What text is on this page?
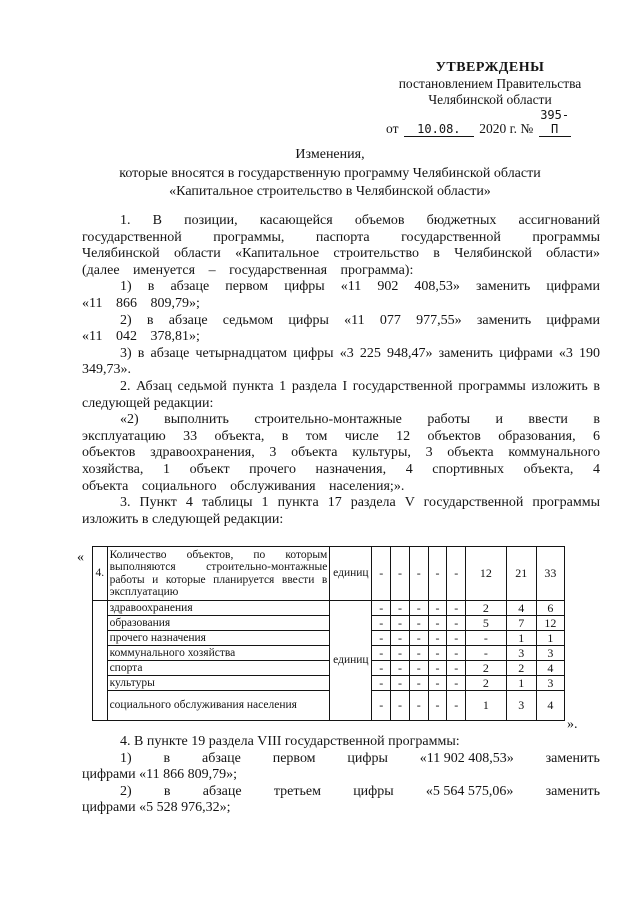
УТВЕРЖДЕНЫ
постановлением Правительства
Челябинской области
от 10.08. 2020 г. № 395-П
Изменения,
которые вносятся в государственную программу Челябинской области
«Капитальное строительство в Челябинской области»

1. В позиции, касающейся объемов бюджетных ассигнований государственной программы, паспорта государственной программы Челябинской области «Капитальное строительство в Челябинской области» (далее именуется – государственная программа):

1) в абзаце первом цифры «11 902 408,53» заменить цифрами «11 866 809,79»;

2) в абзаце седьмом цифры «11 077 977,55» заменить цифрами «11 042 378,81»;

3) в абзаце четырнадцатом цифры «3 225 948,47» заменить цифрами «3 190 349,73».

2. Абзац седьмой пункта 1 раздела I государственной программы изложить в следующей редакции:

«2) выполнить строительно-монтажные работы и ввести в эксплуатацию 33 объекта, в том числе 12 объектов образования, 6 объектов здравоохранения, 3 объекта культуры, 3 объекта коммунального хозяйства, 1 объект прочего назначения, 4 спортивных объекта, 4 объекта социального обслуживания населения;».

3. Пункт 4 таблицы 1 пункта 17 раздела V государственной программы изложить в следующей редакции:

«
4.	Количество объектов, по которым выполняются строительно-монтажные работы и которые планируется ввести в эксплуатацию	единиц	-	-	-	-	-	12	21	33
	здравоохранения	единиц	-	-	-	-	-	2	4	6
	образования		-	-	-	-	-	5	7	12
	прочего назначения		-	-	-	-	-	-	1	1
	коммунального хозяйства		-	-	-	-	-	-	3	3
	спорта		-	-	-	-	-	2	2	4
	культуры		-	-	-	-	-	2	1	3
	социального обслуживания населения		-	-	-	-	-	1	3	4
».

4. В пункте 19 раздела VIII государственной программы:

1) в абзаце первом цифры «11 902 408,53» заменить

цифрами «11 866 809,79»;

2) в абзаце третьем цифры «5 564 575,06» заменить

цифрами «5 528 976,32»;
